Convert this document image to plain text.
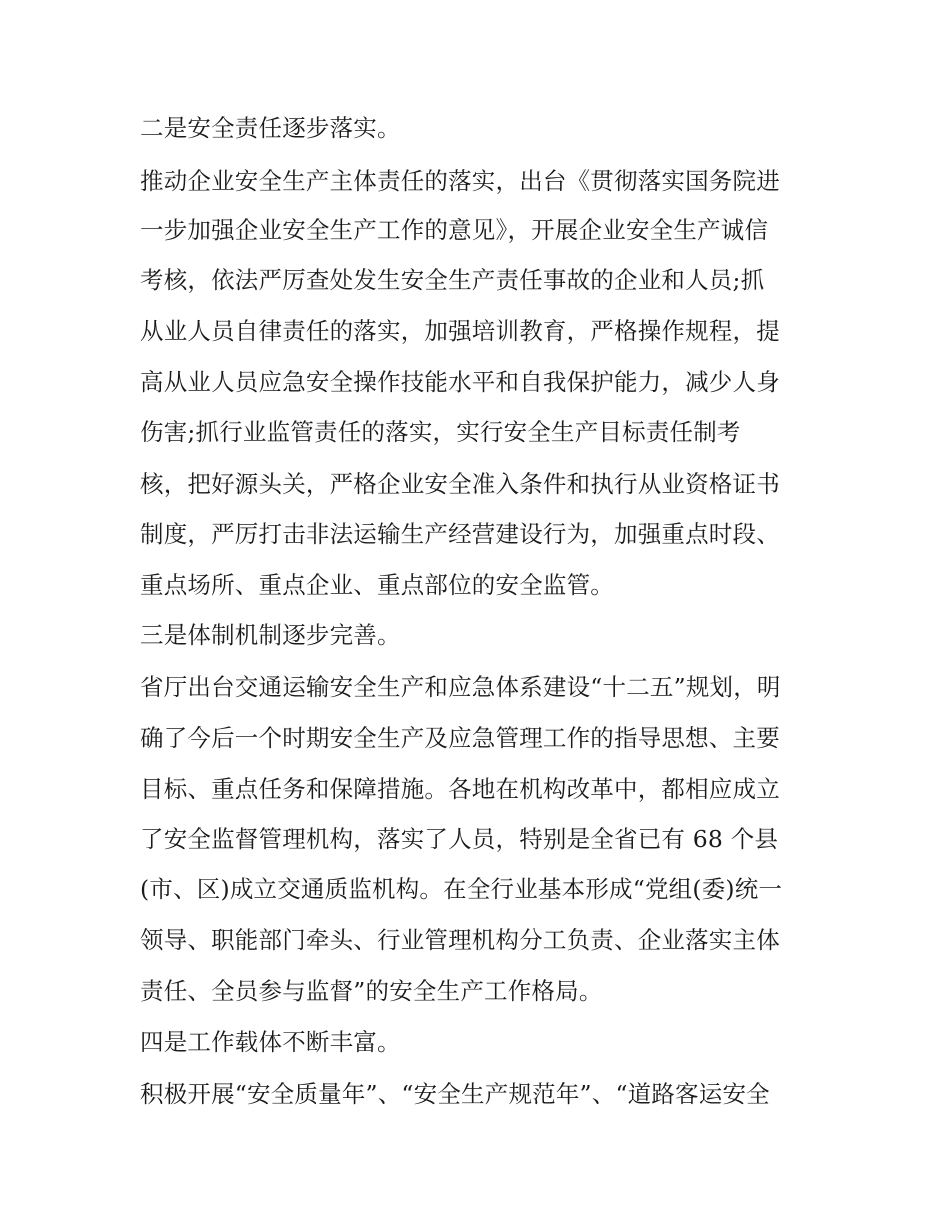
二是安全责任逐步落实。
推动企业安全生产主体责任的落实，出台《贯彻落实国务院进
一步加强企业安全生产工作的意见》，开展企业安全生产诚信
考核，依法严厉查处发生安全生产责任事故的企业和人员;抓
从业人员自律责任的落实，加强培训教育，严格操作规程，提
高从业人员应急安全操作技能水平和自我保护能力，减少人身
伤害;抓行业监管责任的落实，实行安全生产目标责任制考
核，把好源头关，严格企业安全准入条件和执行从业资格证书
制度，严厉打击非法运输生产经营建设行为，加强重点时段、
重点场所、重点企业、重点部位的安全监管。
三是体制机制逐步完善。
省厅出台交通运输安全生产和应急体系建设“十二五”规划，明
确了今后一个时期安全生产及应急管理工作的指导思想、主要
目标、重点任务和保障措施。各地在机构改革中，都相应成立
了安全监督管理机构，落实了人员，特别是全省已有 68 个县
(市、区)成立交通质监机构。在全行业基本形成“党组(委)统一
领导、职能部门牵头、行业管理机构分工负责、企业落实主体
责任、全员参与监督”的安全生产工作格局。
四是工作载体不断丰富。
积极开展“安全质量年”、“安全生产规范年”、“道路客运安全
